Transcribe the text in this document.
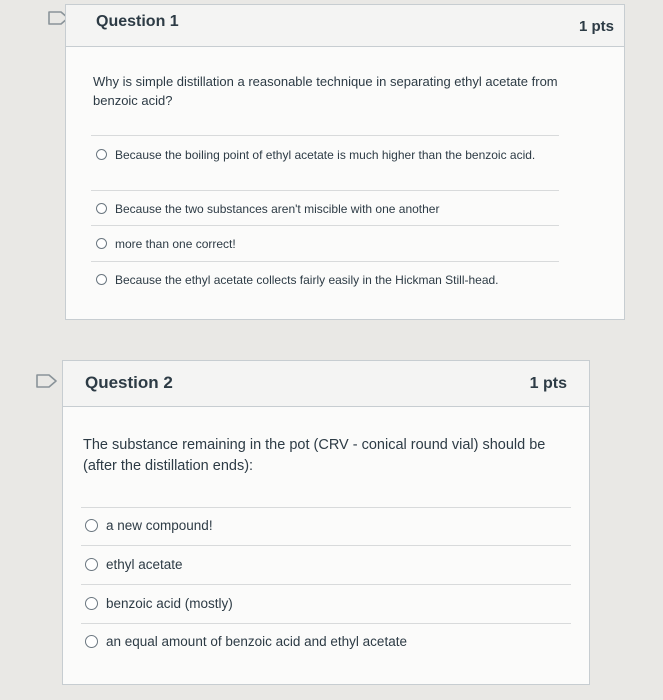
Question 1	1 pts
Why is simple distillation a reasonable technique in separating ethyl acetate from benzoic acid?
Because the boiling point of ethyl acetate is much higher than the benzoic acid.
Because the two substances aren't miscible with one another
more than one correct!
Because the ethyl acetate collects fairly easily in the Hickman Still-head.
Question 2	1 pts
The substance remaining in the pot (CRV - conical round vial) should be (after the distillation ends):
a new compound!
ethyl acetate
benzoic acid (mostly)
an equal amount of benzoic acid and ethyl acetate
